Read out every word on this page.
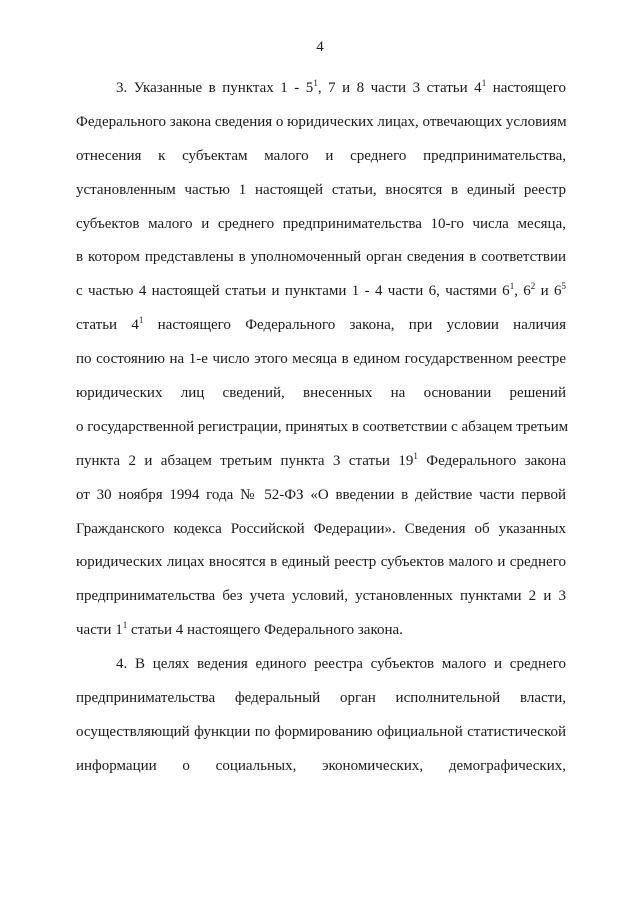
4
3. Указанные в пунктах $1 - 5^1$, 7 и 8 части 3 статьи $4^1$ настоящего
Федерального закона сведения о юридических лицах, отвечающих условиям
отнесения к субъектам малого и среднего предпринимательства,
установленным частью 1 настоящей статьи, вносятся в единый реестр
субъектов малого и среднего предпринимательства 10-го числа месяца,
в котором представлены в уполномоченный орган сведения в соответствии
с частью 4 настоящей статьи и пунктами 1 - 4 части 6, частями $6^1$, $6^2$ и $6^5$
статьи $4^1$ настоящего Федерального закона, при условии наличия
по состоянию на 1-е число этого месяца в едином государственном реестре
юридических лиц сведений, внесенных на основании решений
о государственной регистрации, принятых в соответствии с абзацем третьим
пункта 2 и абзацем третьим пункта 3 статьи $19^1$ Федерального закона
от 30 ноября 1994 года № 52-ФЗ «О введении в действие части первой
Гражданского кодекса Российской Федерации». Сведения об указанных
юридических лицах вносятся в единый реестр субъектов малого и среднего
предпринимательства без учета условий, установленных пунктами 2 и 3
части $1^1$ статьи 4 настоящего Федерального закона.
4. В целях ведения единого реестра субъектов малого и среднего
предпринимательства федеральный орган исполнительной власти,
осуществляющий функции по формированию официальной статистической
информации о социальных, экономических, демографических,
